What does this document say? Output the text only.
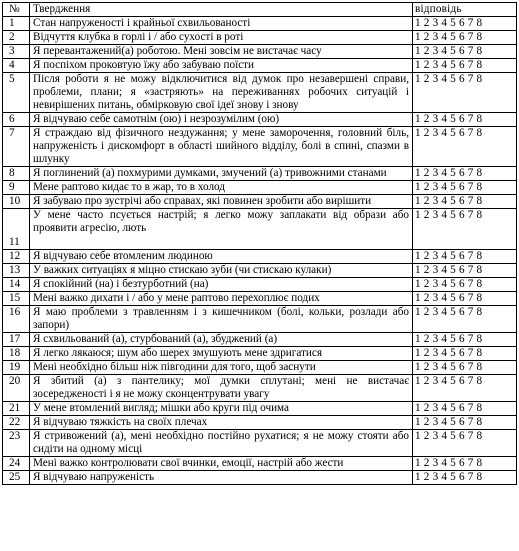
№	Твердження	відповідь
1	Стан напруженості і крайньої схвильованості	1 2 3 4 5 6 7 8
2	Відчуття клубка в горлі і / або сухості в роті	1 2 3 4 5 6 7 8
3	Я перевантажений(а) роботою. Мені зовсім не вистачає часу	1 2 3 4 5 6 7 8
4	Я поспіхом проковтую їжу або забуваю поїсти	1 2 3 4 5 6 7 8
5	Після роботи я не можу відключитися від думок про незавершені справи, проблеми, плани; я «застряють» на переживаннях робочих ситуацій і невирішених питань, обмірковую свої ідеї знову і знову	1 2 3 4 5 6 7 8
6	Я відчуваю себе самотнім (ою) і незрозумілим (ою)	1 2 3 4 5 6 7 8
7	Я страждаю від фізичного нездужання; у мене заморочення, головний біль, напруженість і дискомфорт в області шийного відділу, болі в спині, спазми в шлунку	1 2 3 4 5 6 7 8
8	Я поглинений (а) похмурими думками, змучений (а) тривожними станами	1 2 3 4 5 6 7 8
9	Мене раптово кидає то в жар, то в холод	1 2 3 4 5 6 7 8
10	Я забуваю про зустрічі або справах, які повинен зробити або вирішити	1 2 3 4 5 6 7 8
11	У мене часто псується настрій; я легко можу заплакати від образи або проявити агресію, лють	1 2 3 4 5 6 7 8
12	Я відчуваю себе втомленим людиною	1 2 3 4 5 6 7 8
13	У важких ситуаціях я міцно стискаю зуби (чи стискаю кулаки)	1 2 3 4 5 6 7 8
14	Я спокійний (на) і безтурботний (на)	1 2 3 4 5 6 7 8
15	Мені важко дихати і / або у мене раптово перехоплює подих	1 2 3 4 5 6 7 8
16	Я маю проблеми з травленням і з кишечником (болі, кольки, розлади або запори)	1 2 3 4 5 6 7 8
17	Я схвильований (а), стурбований (а), збуджений (а)	1 2 3 4 5 6 7 8
18	Я легко лякаюся; шум або шерех змушують мене здригатися	1 2 3 4 5 6 7 8
19	Мені необхідно більш ніж півгодини для того, щоб заснути	1 2 3 4 5 6 7 8
20	Я збитий (а) з пантелику; мої думки сплутані; мені не вистачає зосередженості і я не можу сконцентрувати увагу	1 2 3 4 5 6 7 8
21	У мене втомлений вигляд; мішки або круги під очима	1 2 3 4 5 6 7 8
22	Я відчуваю тяжкість на своїх плечах	1 2 3 4 5 6 7 8
23	Я стривожений (а), мені необхідно постійно рухатися; я не можу стояти або сидіти на одному місці	1 2 3 4 5 6 7 8
24	Мені важко контролювати свої вчинки, емоції, настрій або жести	1 2 3 4 5 6 7 8
25	Я відчуваю напруженість	1 2 3 4 5 6 7 8
